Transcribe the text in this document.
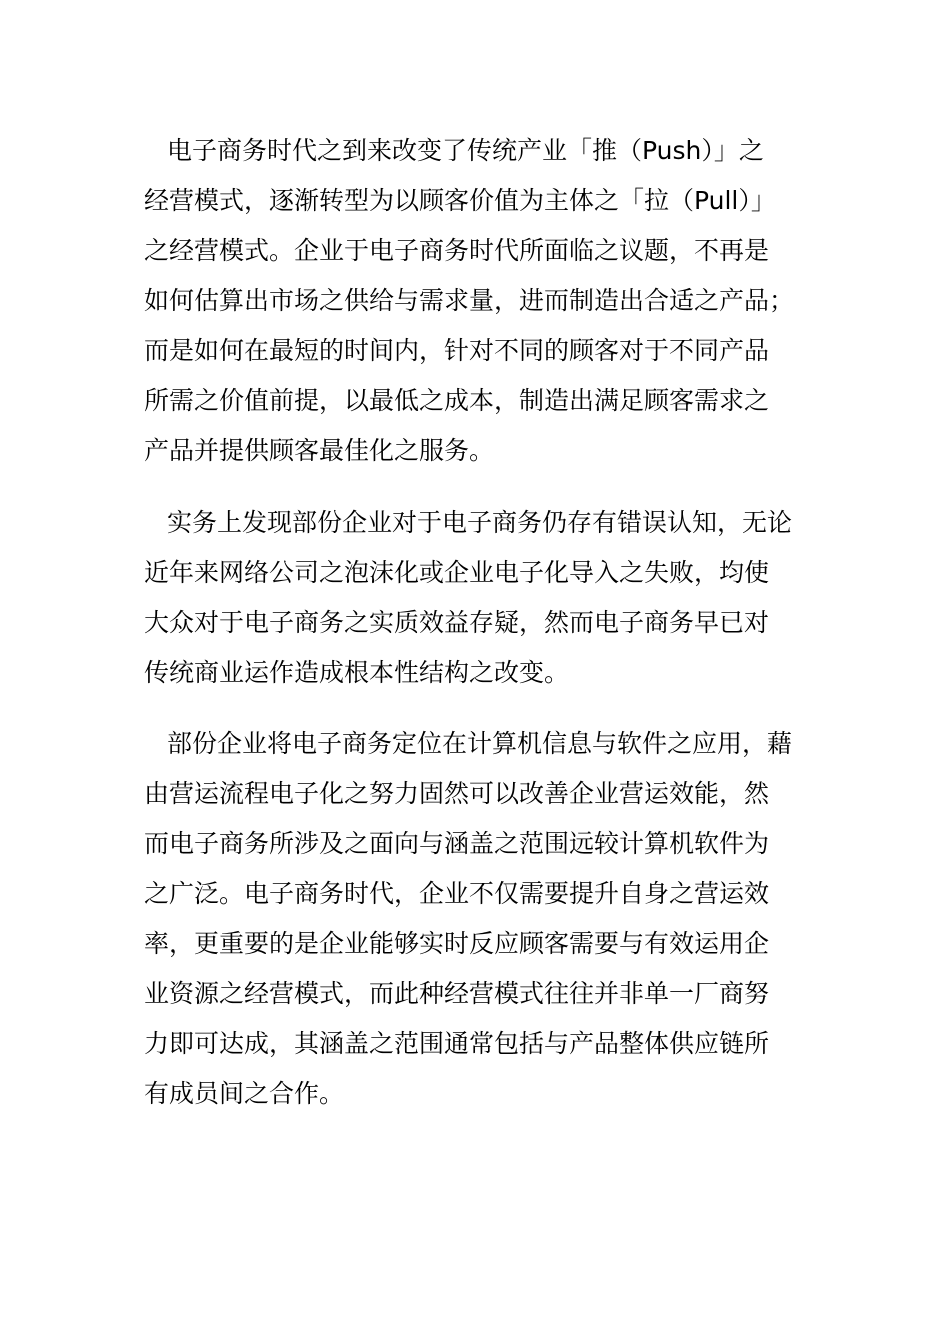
电子商务时代之到来改变了传统产业「推（Push）」之
经营模式，逐渐转型为以顾客价值为主体之「拉（Pull）」
之经营模式。企业于电子商务时代所面临之议题，不再是
如何估算出市场之供给与需求量，进而制造出合适之产品；
而是如何在最短的时间内，针对不同的顾客对于不同产品
所需之价值前提，以最低之成本，制造出满足顾客需求之
产品并提供顾客最佳化之服务。
实务上发现部份企业对于电子商务仍存有错误认知，无论
近年来网络公司之泡沫化或企业电子化导入之失败，均使
大众对于电子商务之实质效益存疑，然而电子商务早已对
传统商业运作造成根本性结构之改变。
部份企业将电子商务定位在计算机信息与软件之应用，藉
由营运流程电子化之努力固然可以改善企业营运效能，然
而电子商务所涉及之面向与涵盖之范围远较计算机软件为
之广泛。电子商务时代，企业不仅需要提升自身之营运效
率，更重要的是企业能够实时反应顾客需要与有效运用企
业资源之经营模式，而此种经营模式往往并非单一厂商努
力即可达成，其涵盖之范围通常包括与产品整体供应链所
有成员间之合作。
